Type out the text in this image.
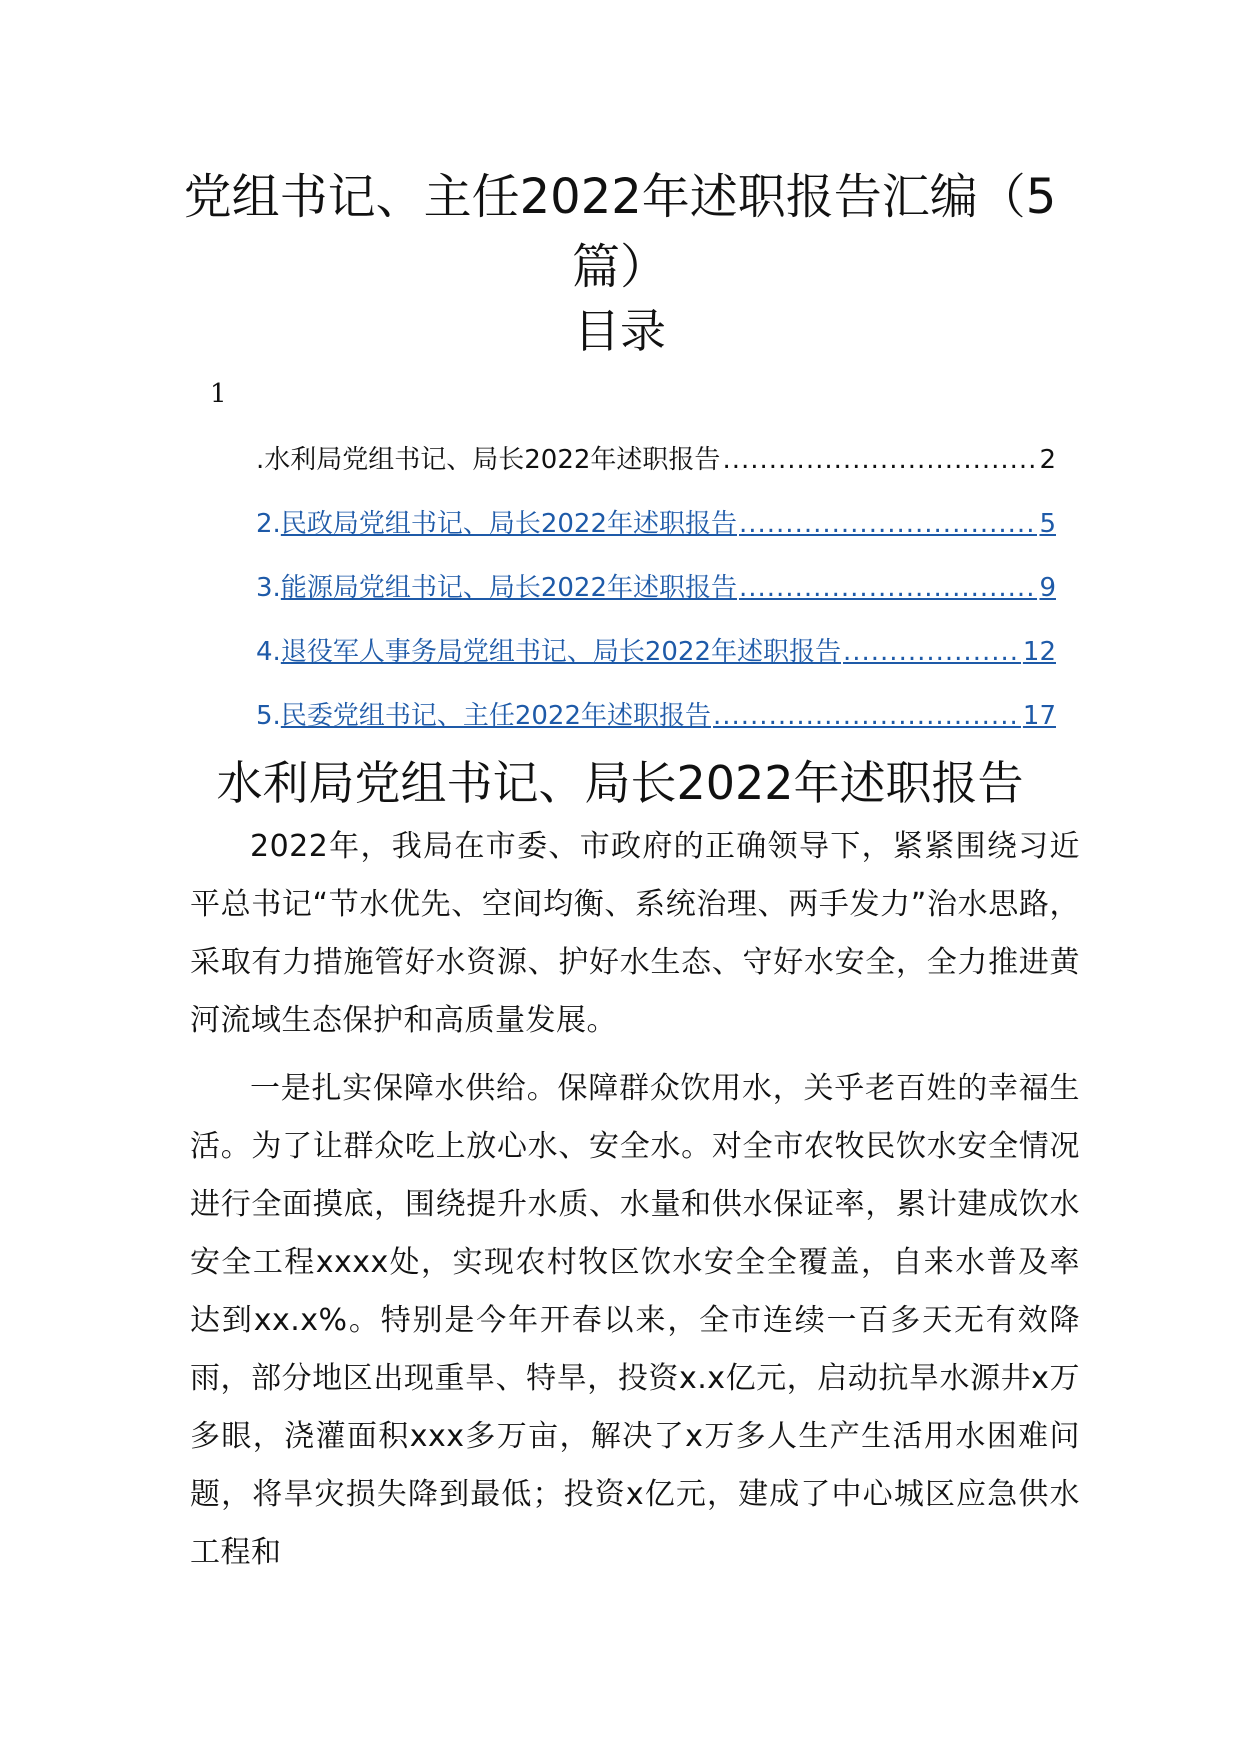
党组书记、主任2022年述职报告汇编（5
篇）
目录
1
. 水利局党组书记、局长2022年述职报告 .....	2
2. 民政局党组书记、局长2022年述职报告 .....	5
3. 能源局党组书记、局长2022年述职报告 .....	9
4. 退役军人事务局党组书记、局长2022年述职报告 .....	12
5. 民委党组书记、主任2022年述职报告 .....	17
水利局党组书记、局长2022年述职报告

2022年，我局在市委、市政府的正确领导下，紧紧围绕习近平总书记“节水优先、空间均衡、系统治理、两手发力”治水思路，采取有力措施管好水资源、护好水生态、守好水安全，全力推进黄河流域生态保护和高质量发展。

一是扎实保障水供给。保障群众饮用水，关乎老百姓的幸福生活。为了让群众吃上放心水、安全水。对全市农牧民饮水安全情况进行全面摸底，围绕提升水质、水量和供水保证率，累计建成饮水安全工程xxxx处，实现农村牧区饮水安全全覆盖，自来水普及率达到xx.x%。特别是今年开春以来，全市连续一百多天无有效降雨，部分地区出现重旱、特旱，投资x.x亿元，启动抗旱水源井x万多眼，浇灌面积xxx多万亩，解决了x万多人生产生活用水困难问题，将旱灾损失降到最低；投资x亿元，建成了中心城区应急供水工程和
